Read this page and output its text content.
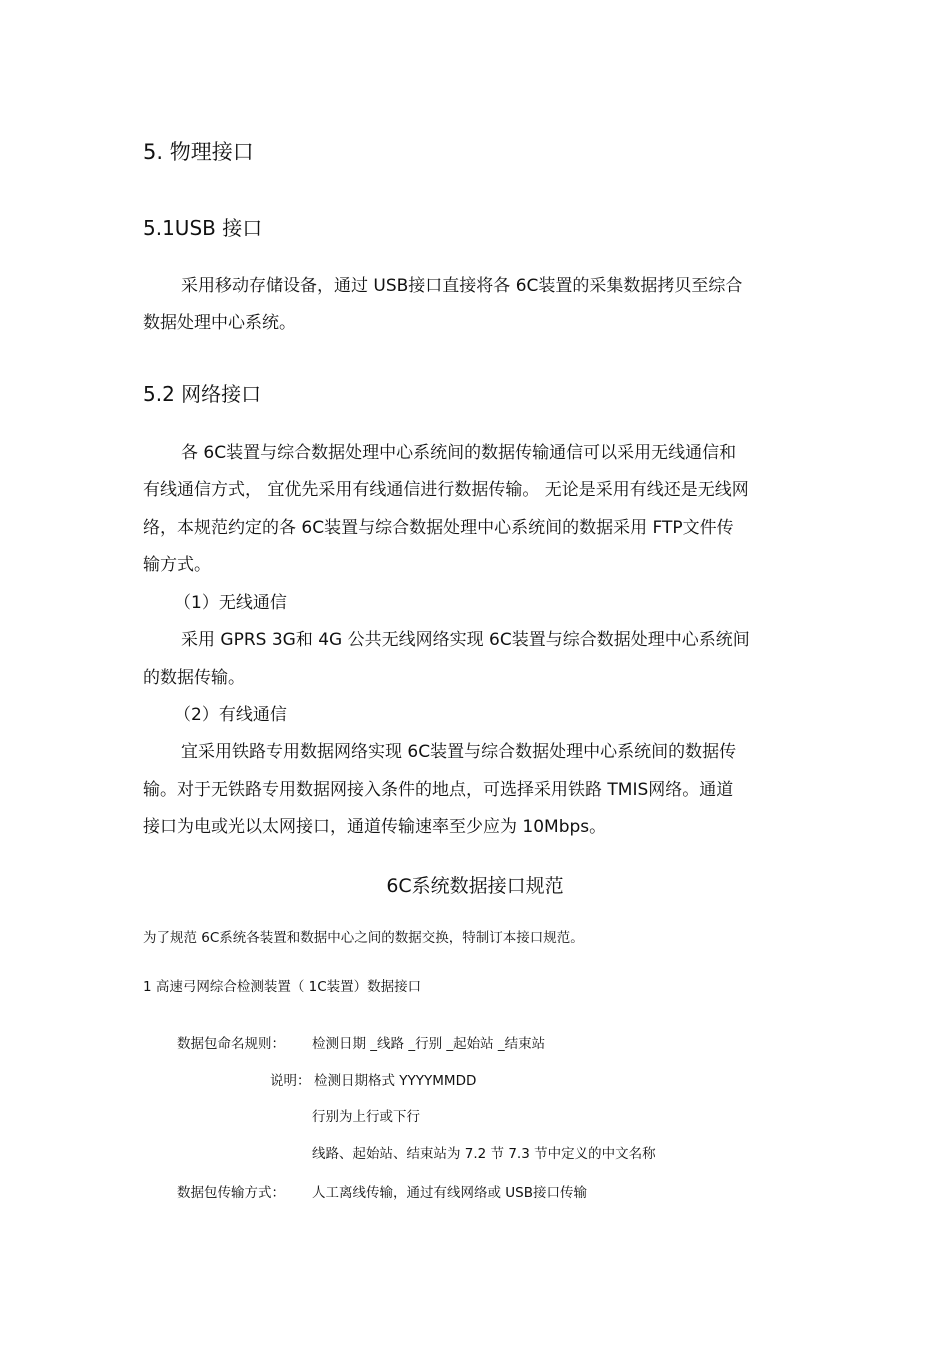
5. 物理接口
5.1USB 接口
采用移动存储设备，通过 USB接口直接将各 6C装置的采集数据拷贝至综合
数据处理中心系统。
5.2 网络接口
各 6C装置与综合数据处理中心系统间的数据传输通信可以采用无线通信和
有线通信方式， 宜优先采用有线通信进行数据传输。 无论是采用有线还是无线网
络，本规范约定的各 6C装置与综合数据处理中心系统间的数据采用 FTP文件传
输方式。
（1）无线通信
采用 GPRS 3G和 4G 公共无线网络实现 6C装置与综合数据处理中心系统间
的数据传输。
（2）有线通信
宜采用铁路专用数据网络实现 6C装置与综合数据处理中心系统间的数据传
输。对于无铁路专用数据网接入条件的地点，可选择采用铁路 TMIS网络。通道
接口为电或光以太网接口，通道传输速率至少应为 10Mbps。
6C系统数据接口规范
为了规范 6C系统各装置和数据中心之间的数据交换，特制订本接口规范。
1 高速弓网综合检测装置（ 1C装置）数据接口
数据包命名规则： 检测日期 _线路 _行别 _起始站 _结束站
说明： 检测日期格式 YYYYMMDD
行别为上行或下行
线路、起始站、结束站为 7.2 节 7.3 节中定义的中文名称
数据包传输方式： 人工离线传输，通过有线网络或 USB接口传输
